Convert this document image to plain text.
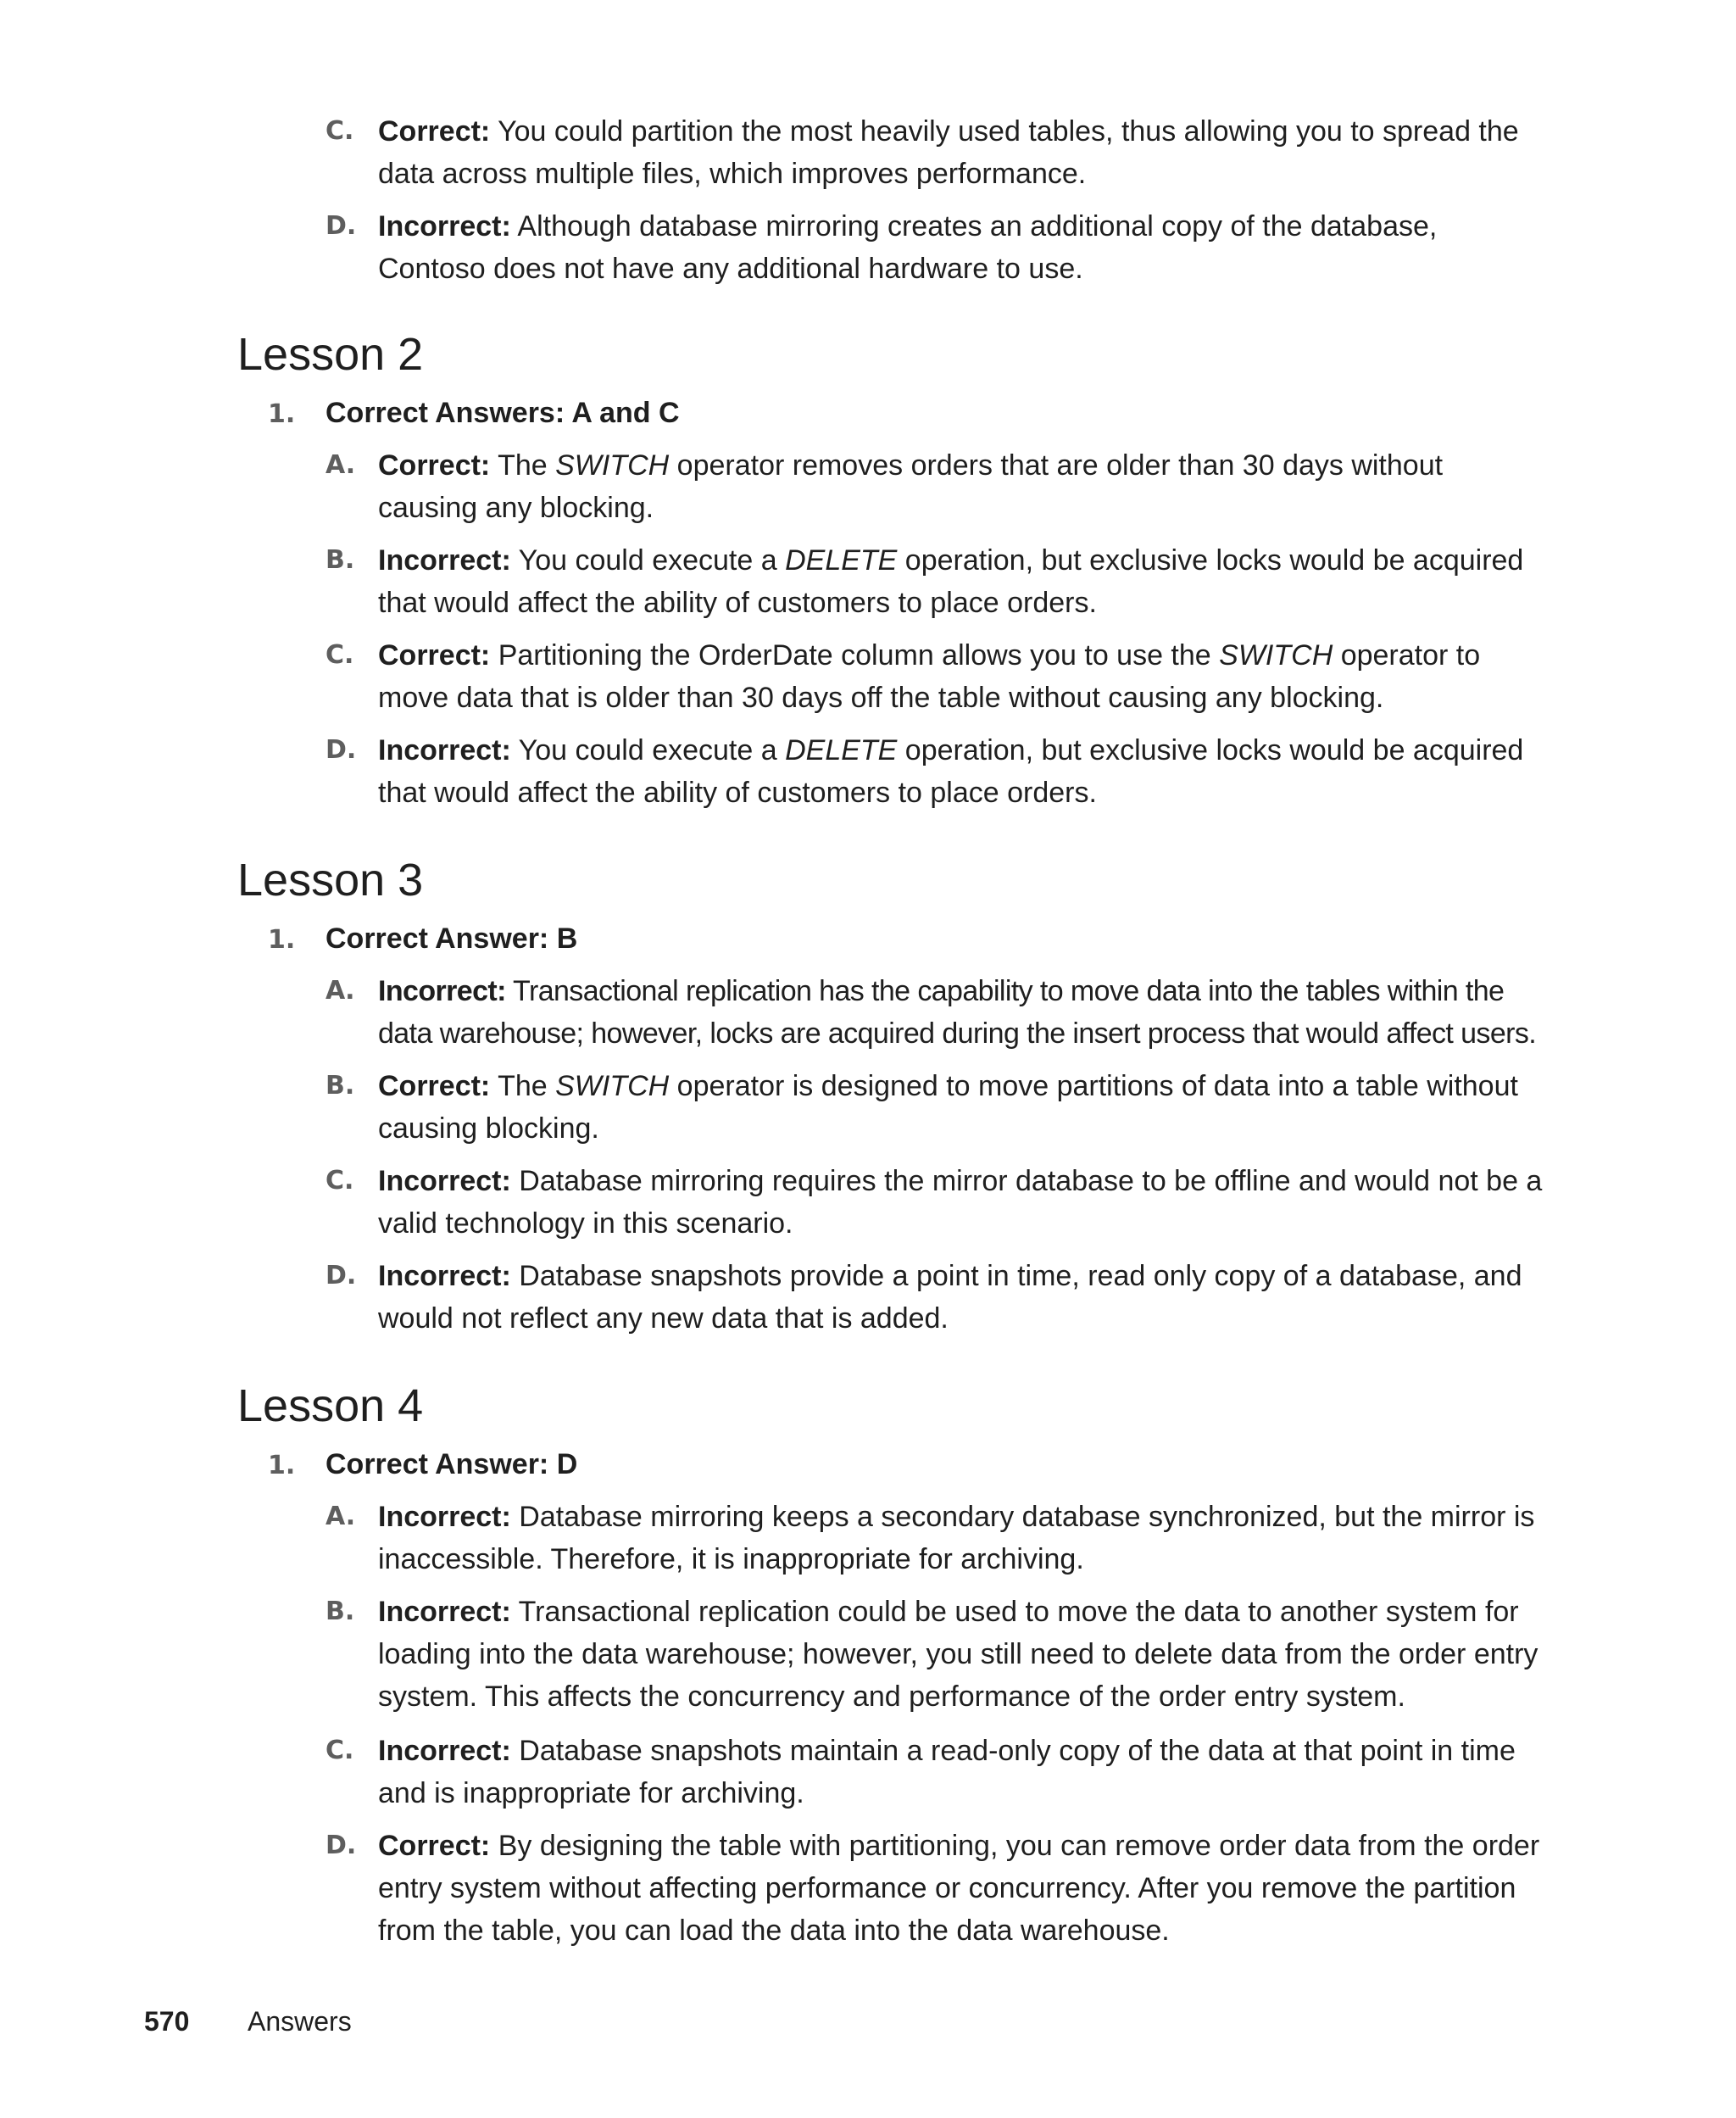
C. Correct: You could partition the most heavily used tables, thus allowing you to spread the data across multiple files, which improves performance.
D. Incorrect: Although database mirroring creates an additional copy of the database, Contoso does not have any additional hardware to use.
Lesson 2
1. Correct Answers: A and C
A. Correct: The SWITCH operator removes orders that are older than 30 days without causing any blocking.
B. Incorrect: You could execute a DELETE operation, but exclusive locks would be acquired that would affect the ability of customers to place orders.
C. Correct: Partitioning the OrderDate column allows you to use the SWITCH operator to move data that is older than 30 days off the table without causing any blocking.
D. Incorrect: You could execute a DELETE operation, but exclusive locks would be acquired that would affect the ability of customers to place orders.
Lesson 3
1. Correct Answer: B
A. Incorrect: Transactional replication has the capability to move data into the tables within the data warehouse; however, locks are acquired during the insert process that would affect users.
B. Correct: The SWITCH operator is designed to move partitions of data into a table without causing blocking.
C. Incorrect: Database mirroring requires the mirror database to be offline and would not be a valid technology in this scenario.
D. Incorrect: Database snapshots provide a point in time, read only copy of a database, and would not reflect any new data that is added.
Lesson 4
1. Correct Answer: D
A. Incorrect: Database mirroring keeps a secondary database synchronized, but the mirror is inaccessible. Therefore, it is inappropriate for archiving.
B. Incorrect: Transactional replication could be used to move the data to another system for loading into the data warehouse; however, you still need to delete data from the order entry system. This affects the concurrency and performance of the order entry system.
C. Incorrect: Database snapshots maintain a read-only copy of the data at that point in time and is inappropriate for archiving.
D. Correct: By designing the table with partitioning, you can remove order data from the order entry system without affecting performance or concurrency. After you remove the partition from the table, you can load the data into the data warehouse.
570 Answers
